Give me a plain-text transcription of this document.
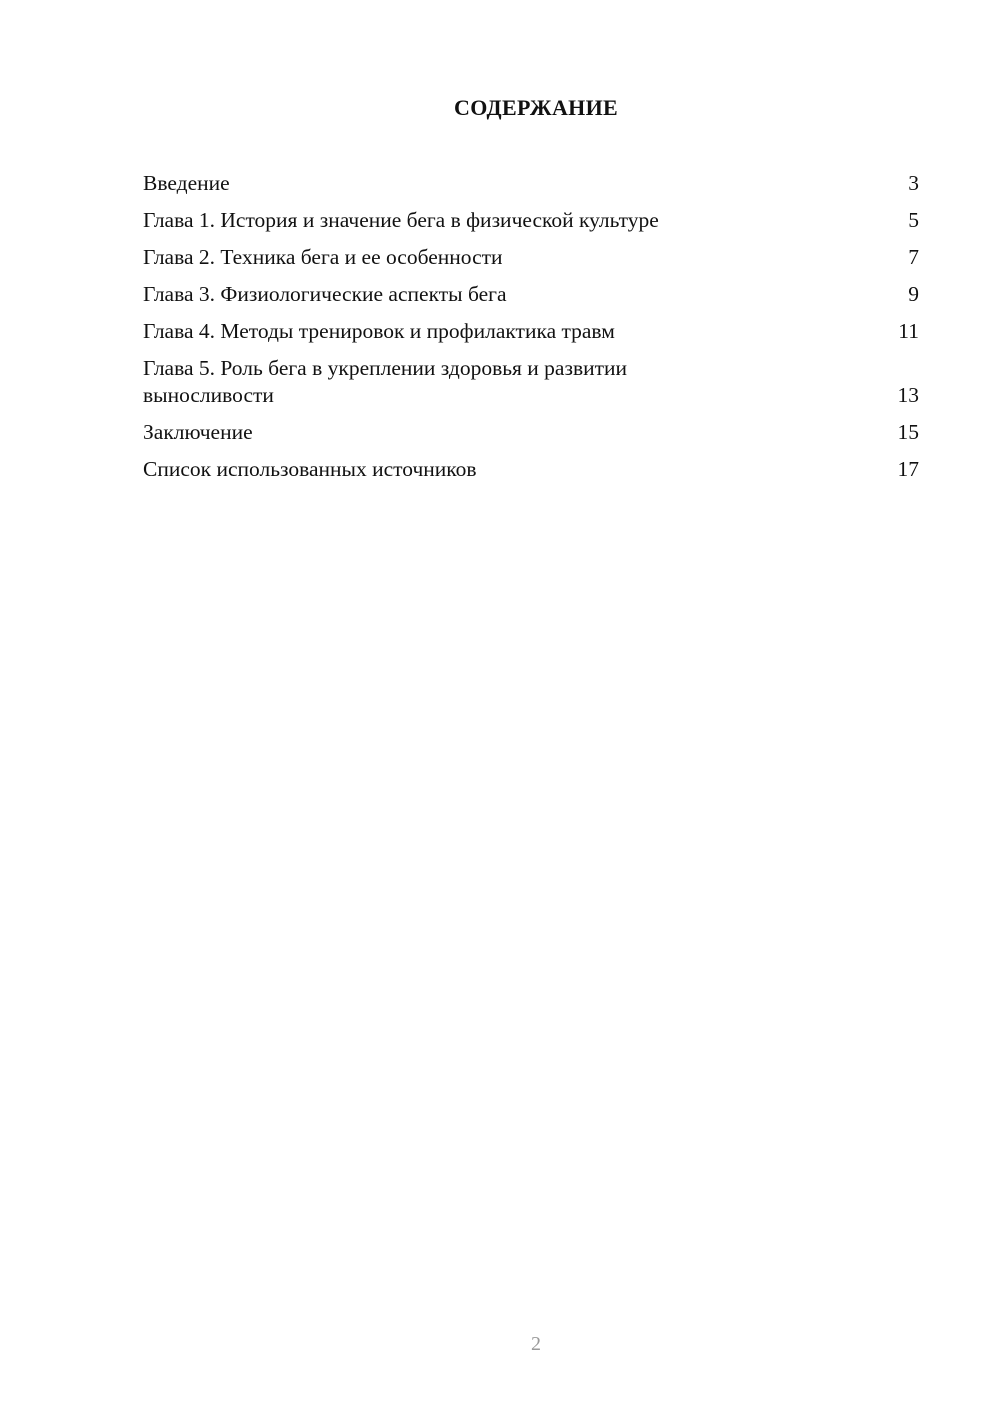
СОДЕРЖАНИЕ
Введение	3
Глава 1. История и значение бега в физической культуре	5
Глава 2. Техника бега и ее особенности	7
Глава 3. Физиологические аспекты бега	9
Глава 4. Методы тренировок и профилактика травм	11
Глава 5. Роль бега в укреплении здоровья и развитии выносливости	13
Заключение	15
Список использованных источников	17
2
